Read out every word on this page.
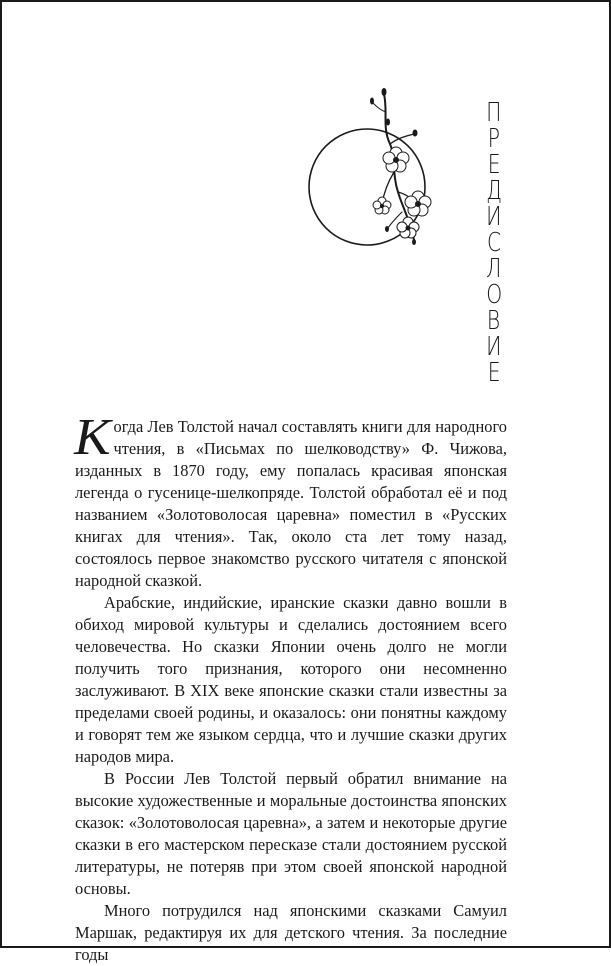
П
Р
Е
Д
И
С
Л
О
В
И
Е

Когда Лев Толстой начал составлять книги для народного чтения, в «Письмах по шелководству» Ф. Чижова, изданных в 1870 году, ему попалась красивая японская легенда о гусенице-шелкопряде. Толстой обработал её и под названием «Золотоволосая царевна» поместил в «Русских книгах для чтения». Так, около ста лет тому назад, состоялось первое знакомство русского читателя с японской народной сказкой.

Арабские, индийские, иранские сказки давно вошли в обиход мировой культуры и сделались достоянием всего человечества. Но сказки Японии очень долго не могли получить того признания, которого они несомненно заслуживают. В XIX веке японские сказки стали известны за пределами своей родины, и оказалось: они понятны каждому и говорят тем же языком сердца, что и лучшие сказки других народов мира.

В России Лев Толстой первый обратил внимание на высокие художественные и моральные достоинства японских сказок: «Золотоволосая царевна», а затем и некоторые другие сказки в его мастерском пересказе стали достоянием русской литературы, не потеряв при этом своей японской народной основы.

Много потрудился над японскими сказками Самуил Маршак, редактируя их для детского чтения. За последние годы
